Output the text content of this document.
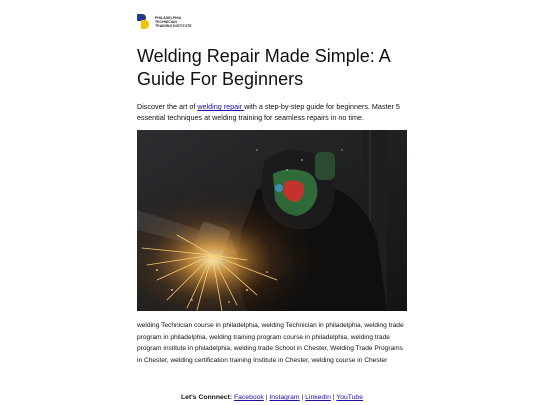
PHILADELPHIA
TECHNICIAN
TRAINING INSTITUTE
Welding Repair Made Simple: A
Guide For Beginners

Discover the art of welding repair with a step-by-step guide for beginners. Master 5 essential techniques at welding training for seamless repairs in no time.

welding Technician course in philadelphia, welding Technician in philadelphia, welding trade program in philadelphia, welding training program course in philadelphia, welding trade program institute in philadelphia, welding trade School in Chester, Welding Trade Programs in Chester, welding certification training Institute in Chester, welding course in Chester

Let's Connnect: Facebook | Instagram | LinkedIn | YouTube
